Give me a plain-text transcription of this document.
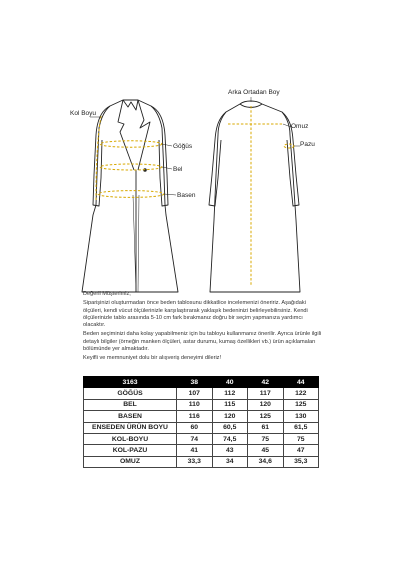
Kol Boyu
Göğüs
Bel
Basen
Arka Ortadan Boy
Omuz
Pazu

Değerli Müşterimiz,

Siparişinizi oluşturmadan önce beden tablosunu dikkatlice incelemenizi öneririz. Aşağıdaki ölçüleri, kendi vücut ölçülerinizle karşılaştırarak yaklaşık bedeninizi belirleyebilirsiniz. Kendi ölçülerinizle tablo arasında 5-10 cm fark bırakmanız doğru bir seçim yapmanıza yardımcı olacaktır.

Beden seçiminizi daha kolay yapabilmeniz için bu tabloyu kullanmanız önerilir. Ayrıca ürünle ilgili detaylı bilgiler (örneğin manken ölçüleri, astar durumu, kumaş özellikleri vb.) ürün açıklamaları bölümünde yer almaktadır.

Keyifli ve memnuniyet dolu bir alışveriş deneyimi dileriz!

3163	38	40	42	44
GÖĞÜS	107	112	117	122
BEL	110	115	120	125
BASEN	116	120	125	130
ENSEDEN ÜRÜN BOYU	60	60,5	61	61,5
KOL-BOYU	74	74,5	75	75
KOL-PAZU	41	43	45	47
OMUZ	33,3	34	34,6	35,3
